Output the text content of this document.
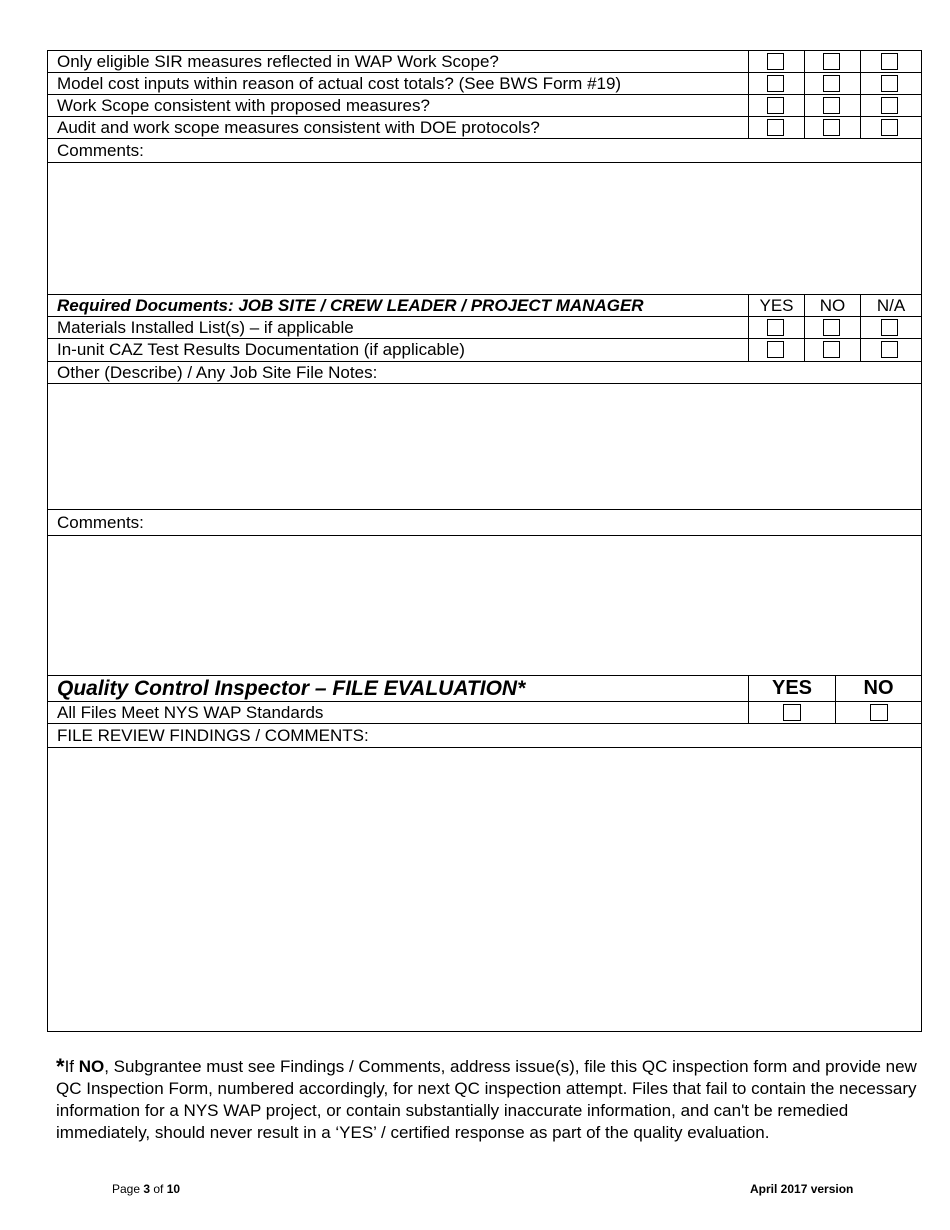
Only eligible SIR measures reflected in WAP Work Scope?
Model cost inputs within reason of actual cost totals? (See BWS Form #19)
Work Scope consistent with proposed measures?
Audit and work scope measures consistent with DOE protocols?
Comments:
Required Documents: JOB SITE / CREW LEADER / PROJECT MANAGER	YES	NO	N/A
Materials Installed List(s) – if applicable
In-unit CAZ Test Results Documentation (if applicable)
Other (Describe) / Any Job Site File Notes:
Comments:
Quality Control Inspector – FILE EVALUATION*	YES	NO
All Files Meet NYS WAP Standards
FILE REVIEW FINDINGS / COMMENTS:
*If NO, Subgrantee must see Findings / Comments, address issue(s), file this QC inspection form and provide new QC Inspection Form, numbered accordingly, for next QC inspection attempt. Files that fail to contain the necessary information for a NYS WAP project, or contain substantially inaccurate information, and can't be remedied immediately, should never result in a ‘YES’ / certified response as part of the quality evaluation.
Page 3 of 10	April 2017 version
